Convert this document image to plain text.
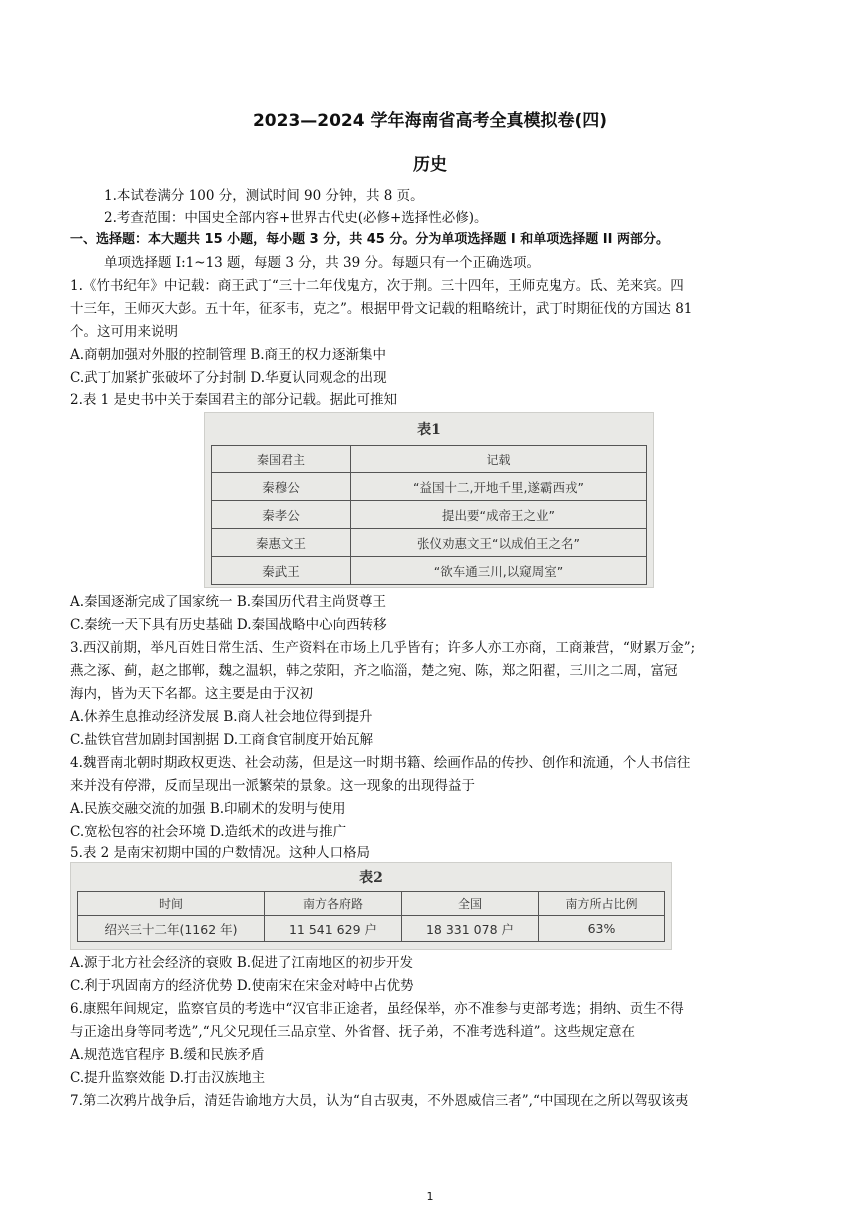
2023—2024 学年海南省高考全真模拟卷(四)
历史
1.本试卷满分 100 分，测试时间 90 分钟，共 8 页。
2.考查范围：中国史全部内容+世界古代史(必修+选择性必修)。
一、选择题：本大题共 15 小题，每小题 3 分，共 45 分。分为单项选择题 I 和单项选择题 II 两部分。
单项选择题 I:1~13 题，每题 3 分，共 39 分。每题只有一个正确选项。
1.《竹书纪年》中记载：商王武丁“三十二年伐鬼方，次于荆。三十四年，王师克鬼方。氐、羌来宾。四
十三年，王师灭大彭。五十年，征豕韦，克之”。根据甲骨文记载的粗略统计，武丁时期征伐的方国达 81
个。这可用来说明
A.商朝加强对外服的控制管理 B.商王的权力逐渐集中
C.武丁加紧扩张破坏了分封制 D.华夏认同观念的出现
2.表 1 是史书中关于秦国君主的部分记载。据此可推知
表1
秦国君主	记载
秦穆公	“益国十二,开地千里,遂霸西戎”
秦孝公	提出要“成帝王之业”
秦惠文王	张仪劝惠文王“以成伯王之名”
秦武王	“欲车通三川,以窥周室”
A.秦国逐渐完成了国家统一 B.秦国历代君主尚贤尊王
C.秦统一天下具有历史基础 D.秦国战略中心向西转移
3.西汉前期，举凡百姓日常生活、生产资料在市场上几乎皆有；许多人亦工亦商，工商兼营，“财累万金”;
燕之涿、蓟，赵之邯郸，魏之温轵，韩之荥阳，齐之临淄，楚之宛、陈，郑之阳翟，三川之二周，富冠
海内，皆为天下名都。这主要是由于汉初
A.休养生息推动经济发展 B.商人社会地位得到提升
C.盐铁官营加剧封国割据 D.工商食官制度开始瓦解
4.魏晋南北朝时期政权更迭、社会动荡，但是这一时期书籍、绘画作品的传抄、创作和流通，个人书信往
来并没有停滞，反而呈现出一派繁荣的景象。这一现象的出现得益于
A.民族交融交流的加强 B.印刷术的发明与使用
C.宽松包容的社会环境 D.造纸术的改进与推广
5.表 2 是南宋初期中国的户数情况。这种人口格局
表2
时间	南方各府路	全国	南方所占比例
绍兴三十二年(1162 年)	11 541 629 户	18 331 078 户	63%
A.源于北方社会经济的衰败 B.促进了江南地区的初步开发
C.利于巩固南方的经济优势 D.使南宋在宋金对峙中占优势
6.康熙年间规定，监察官员的考选中“汉官非正途者，虽经保举，亦不准参与吏部考选；捐纳、贡生不得
与正途出身等同考选”,“凡父兄现任三品京堂、外省督、抚子弟，不准考选科道”。这些规定意在
A.规范选官程序 B.缓和民族矛盾
C.提升监察效能 D.打击汉族地主
7.第二次鸦片战争后，清廷告谕地方大员，认为“自古驭夷，不外恩威信三者”,“中国现在之所以驾驭该夷
1
